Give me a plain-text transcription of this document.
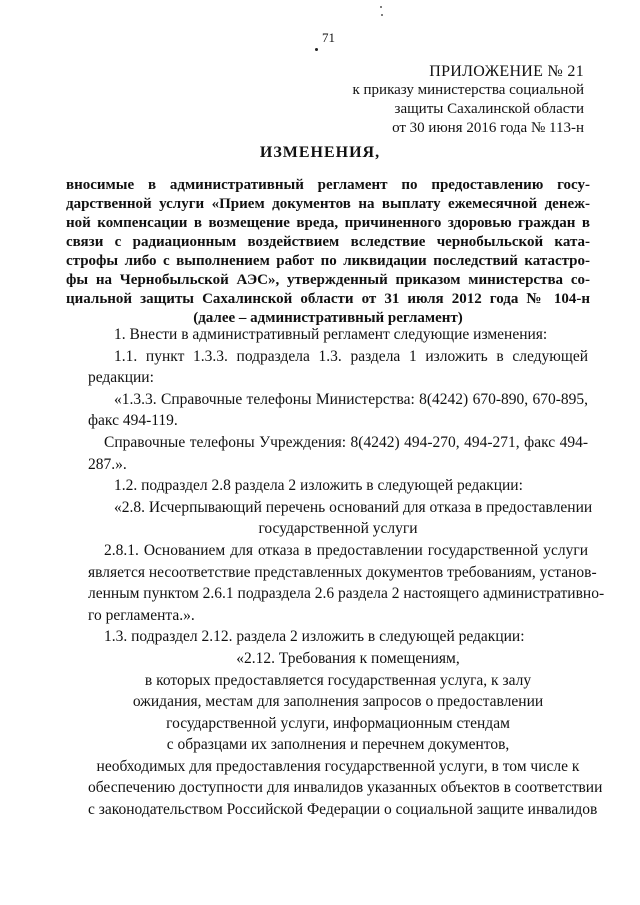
71
ПРИЛОЖЕНИЕ № 21
к приказу министерства социальной
защиты Сахалинской области
от 30 июня 2016 года № 113-н
ИЗМЕНЕНИЯ,
вносимые в административный регламент по предоставлению госу-
дарственной услуги «Прием документов на выплату ежемесячной денеж-
ной компенсации в возмещение вреда, причиненного здоровью граждан в
связи с радиационным воздействием вследствие чернобыльской ката-
строфы либо с выполнением работ по ликвидации последствий катастро-
фы на Чернобыльской АЭС», утвержденный приказом министерства со-
циальной защиты Сахалинской области от 31 июля 2012 года № 104-н
(далее – административный регламент)
1. Внести в административный регламент следующие изменения:
1.1. пункт 1.3.3. подраздела 1.3. раздела 1 изложить в следующей
редакции:
«1.3.3. Справочные телефоны Министерства: 8(4242) 670-890, 670-895,
факс 494-119.
Справочные телефоны Учреждения: 8(4242) 494-270, 494-271, факс 494-
287.».
1.2. подраздел 2.8 раздела 2 изложить в следующей редакции:
«2.8. Исчерпывающий перечень оснований для отказа в предоставлении
государственной услуги
2.8.1. Основанием для отказа в предоставлении государственной услуги
является несоответствие представленных документов требованиям, установ-
ленным пунктом 2.6.1 подраздела 2.6 раздела 2 настоящего административно-
го регламента.».
1.3. подраздел 2.12. раздела 2 изложить в следующей редакции:
«2.12. Требования к помещениям,
в которых предоставляется государственная услуга, к залу
ожидания, местам для заполнения запросов о предоставлении
государственной услуги, информационным стендам
с образцами их заполнения и перечнем документов,
необходимых для предоставления государственной услуги, в том числе к
обеспечению доступности для инвалидов указанных объектов в соответствии
с законодательством Российской Федерации о социальной защите инвалидов
